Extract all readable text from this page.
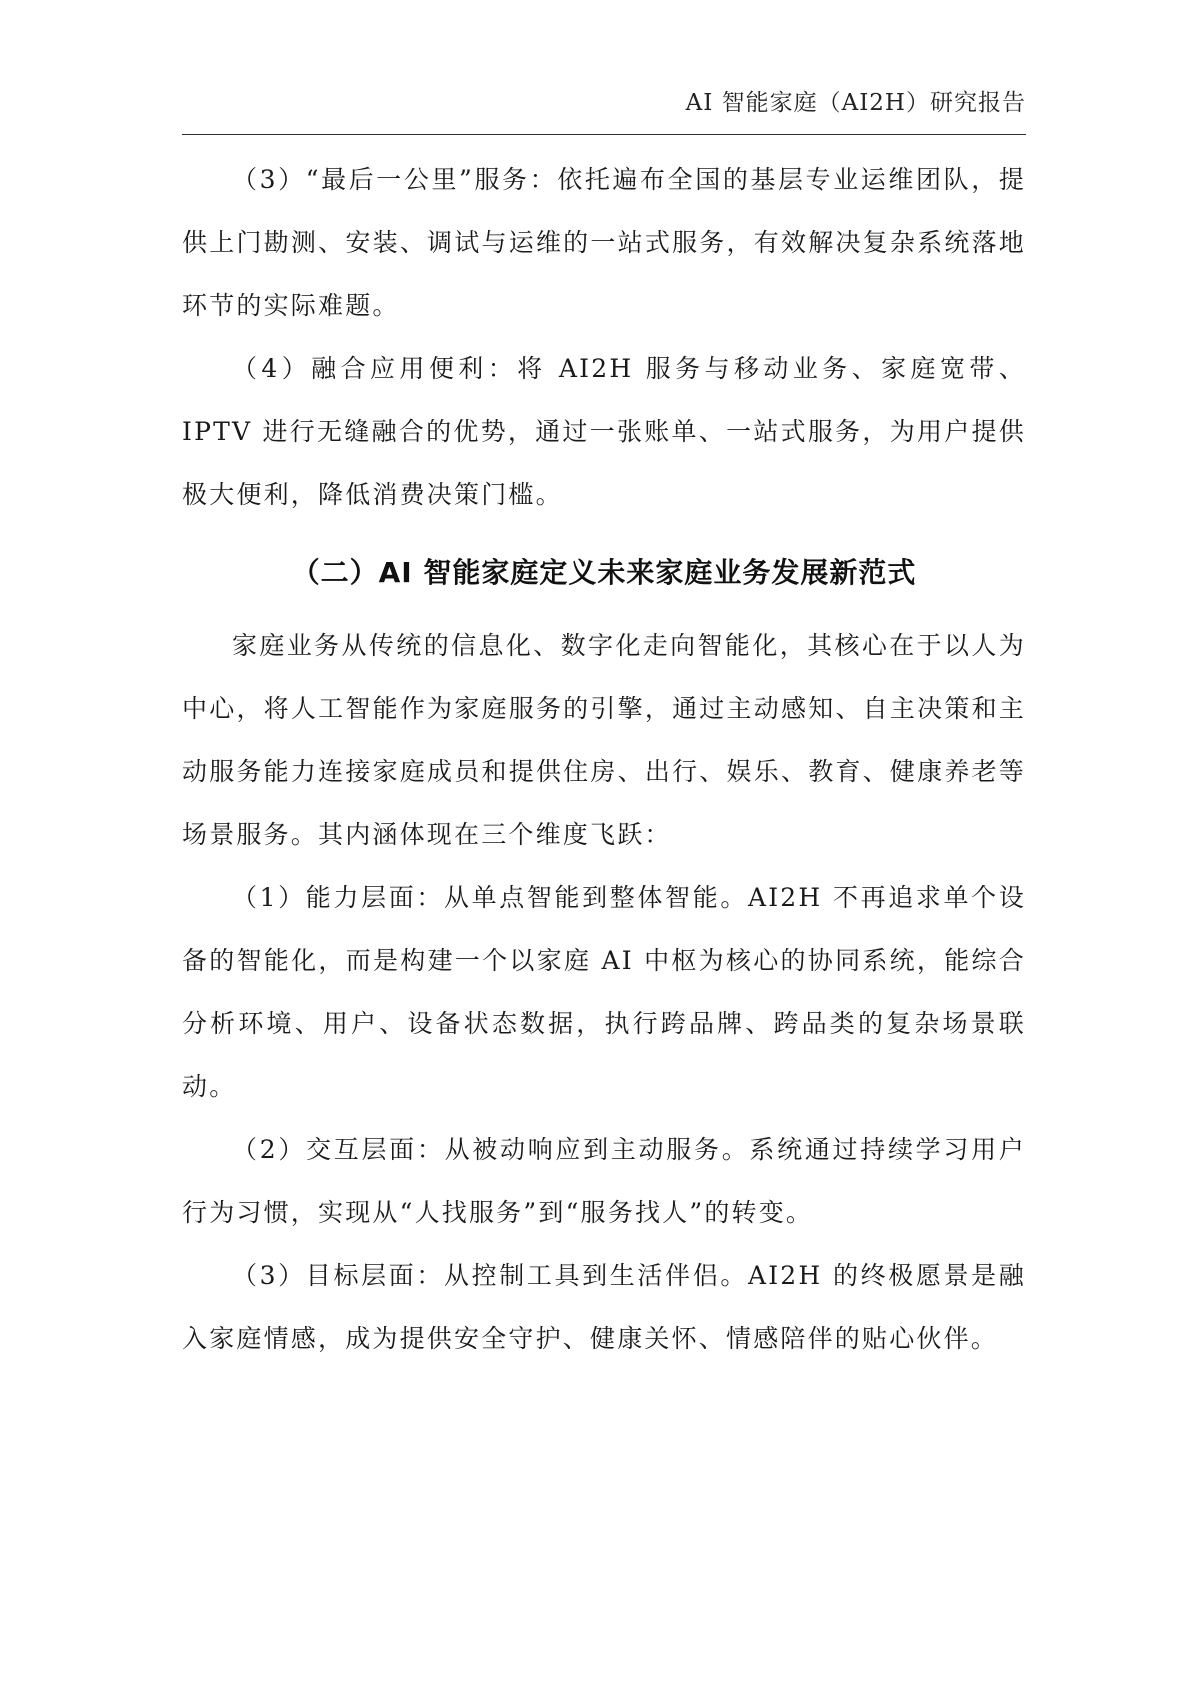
AI 智能家庭（AI2H）研究报告

（3）“最后一公里”服务：依托遍布全国的基层专业运维团队，提供上门勘测、安装、调试与运维的一站式服务，有效解决复杂系统落地环节的实际难题。

（4）融合应用便利：将 AI2H 服务与移动业务、家庭宽带、IPTV 进行无缝融合的优势，通过一张账单、一站式服务，为用户提供极大便利，降低消费决策门槛。

（二）AI 智能家庭定义未来家庭业务发展新范式

家庭业务从传统的信息化、数字化走向智能化，其核心在于以人为中心，将人工智能作为家庭服务的引擎，通过主动感知、自主决策和主动服务能力连接家庭成员和提供住房、出行、娱乐、教育、健康养老等场景服务。其内涵体现在三个维度飞跃：

（1）能力层面：从单点智能到整体智能。AI2H 不再追求单个设备的智能化，而是构建一个以家庭 AI 中枢为核心的协同系统，能综合分析环境、用户、设备状态数据，执行跨品牌、跨品类的复杂场景联动。

（2）交互层面：从被动响应到主动服务。系统通过持续学习用户行为习惯，实现从“人找服务”到“服务找人”的转变。

（3）目标层面：从控制工具到生活伴侣。AI2H 的终极愿景是融入家庭情感，成为提供安全守护、健康关怀、情感陪伴的贴心伙伴。
